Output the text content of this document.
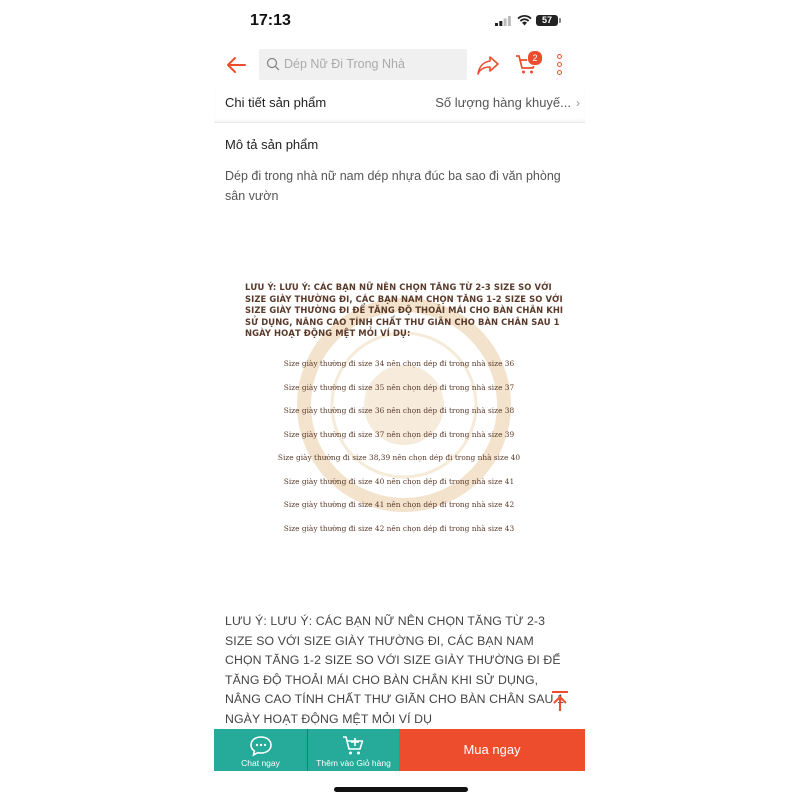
17:13	57
Dép Nữ Đi Trong Nhà	2
Chi tiết sản phẩm	Số lượng hàng khuyế... ›
Mô tả sản phẩm
Dép đi trong nhà nữ nam dép nhựa đúc ba sao đi văn phòng sân vườn
LƯU Ý: LƯU Ý: CÁC BẠN NỮ NÊN CHỌN TĂNG TỪ 2-3 SIZE SO VỚI SIZE GIÀY THƯỜNG ĐI, CÁC BẠN NAM CHỌN TĂNG 1-2 SIZE SO VỚI SIZE GIÀY THƯỜNG ĐI ĐỂ TĂNG ĐỘ THOẢI MÁI CHO BÀN CHÂN KHI SỬ DỤNG, NÂNG CAO TÍNH CHẤT THƯ GIÃN CHO BÀN CHÂN SAU 1 NGÀY HOẠT ĐỘNG MỆT MỎI VÍ DỤ:
Size giày thường đi size 34 nên chọn dép đi trong nhà size 36
Size giày thường đi size 35 nên chọn dép đi trong nhà size 37
Size giày thường đi size 36 nên chọn dép đi trong nhà size 38
Size giày thường đi size 37 nên chọn dép đi trong nhà size 39
Size giày thường đi size 38,39 nên chọn dép đi trong nhà size 40
Size giày thường đi size 40 nên chọn dép đi trong nhà size 41
Size giày thường đi size 41 nên chọn dép đi trong nhà size 42
Size giày thường đi size 42 nên chọn dép đi trong nhà size 43
LƯU Ý: LƯU Ý: CÁC BẠN NỮ NÊN CHỌN TĂNG TỪ 2-3 SIZE SO VỚI SIZE GIÀY THƯỜNG ĐI, CÁC BẠN NAM CHỌN TĂNG 1-2 SIZE SO VỚI SIZE GIÀY THƯỜNG ĐI ĐỂ TĂNG ĐỘ THOẢI MÁI CHO BÀN CHÂN KHI SỬ DỤNG, NÂNG CAO TÍNH CHẤT THƯ GIÃN CHO BÀN CHÂN SAU 1 NGÀY HOẠT ĐỘNG MỆT MỎI VÍ DỤ
Chat ngay	Thêm vào Giỏ hàng
Mua ngay
